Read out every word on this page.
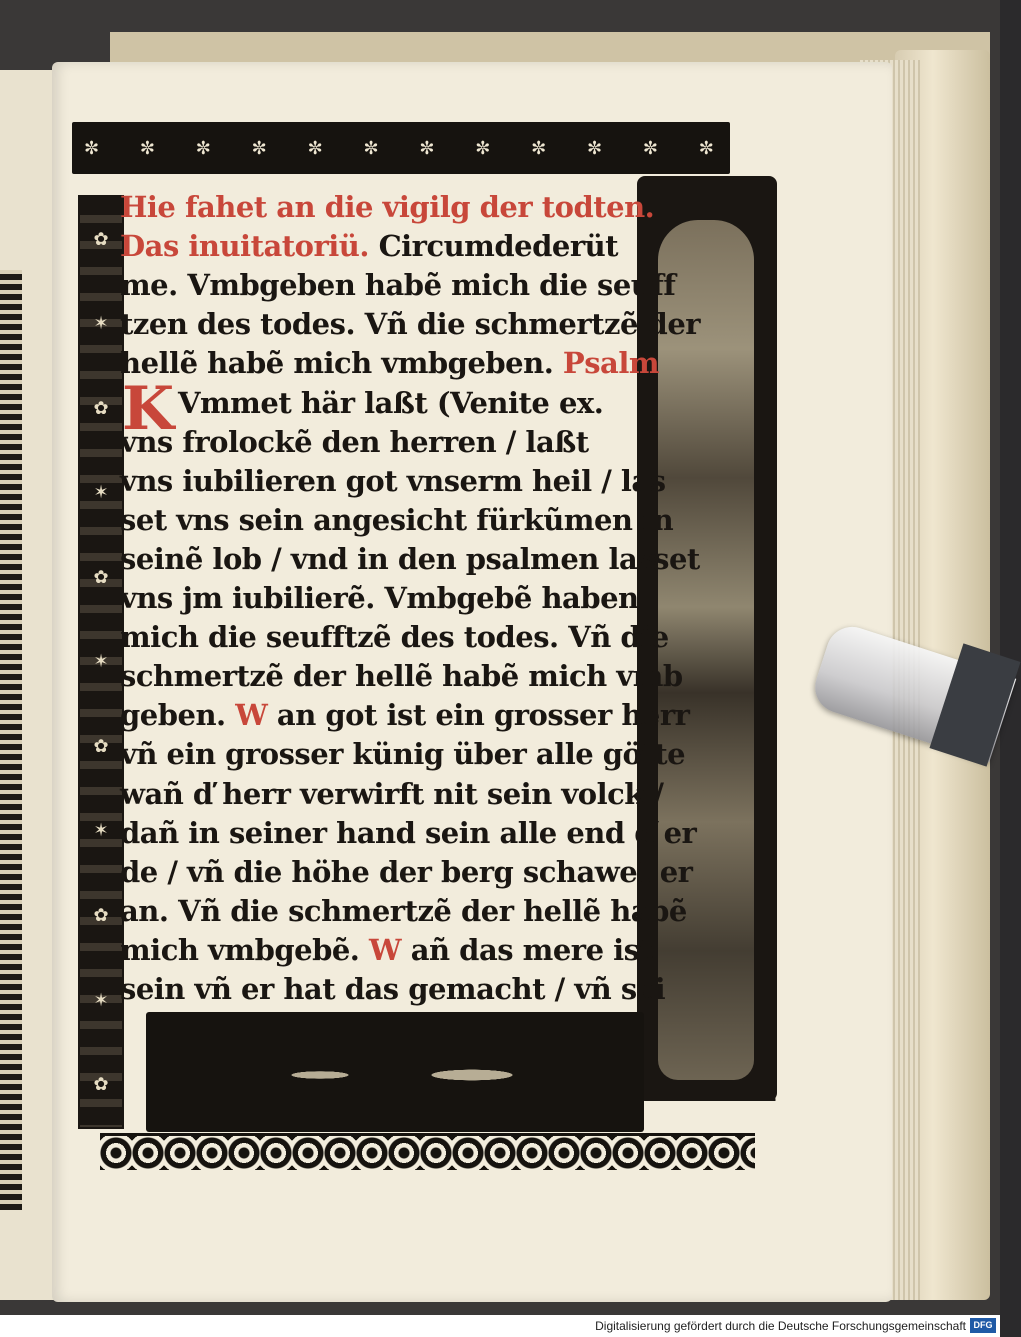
✼ ✼ ✼ ✼ ✼ ✼ ✼ ✼ ✼ ✼ ✼ ✼
✿
✶
✿
✶
✿
✶
✿
✶
✿
✶
✿
K
Hie fahet an die vigilg der todten.
Das inuitatoriü. Circumdederüt
me. Vmbgeben habẽ mich die seuff
tzen des todes. Vñ die schmertzẽ der
hellẽ habẽ mich vmbgeben. Psalm
Vmmet här laßt (Venite ex.
vns frolockẽ den herren / laßt
vns iubilieren got vnserm heil / las
set vns sein angesicht fürkũmen in
seinẽ lob / vnd in den psalmen lasset
vns jm iubilierẽ. Vmbgebẽ haben
mich die seufftzẽ des todes. Vñ die
schmertzẽ der hellẽ habẽ mich vmb
geben. W an got ist ein grosser herr
vñ ein grosser künig über alle götte
wañ ď herr verwirft nit sein volck /
dañ in seiner hand sein alle end ď er
de / vñ die höhe der berg schawet er
an. Vñ die schmertzẽ der hellẽ habẽ
mich vmbgebẽ. W añ das mere ist
sein vñ er hat das gemacht / vñ sei
Digitalisierung gefördert durch die Deutsche Forschungsgemeinschaft DFG
